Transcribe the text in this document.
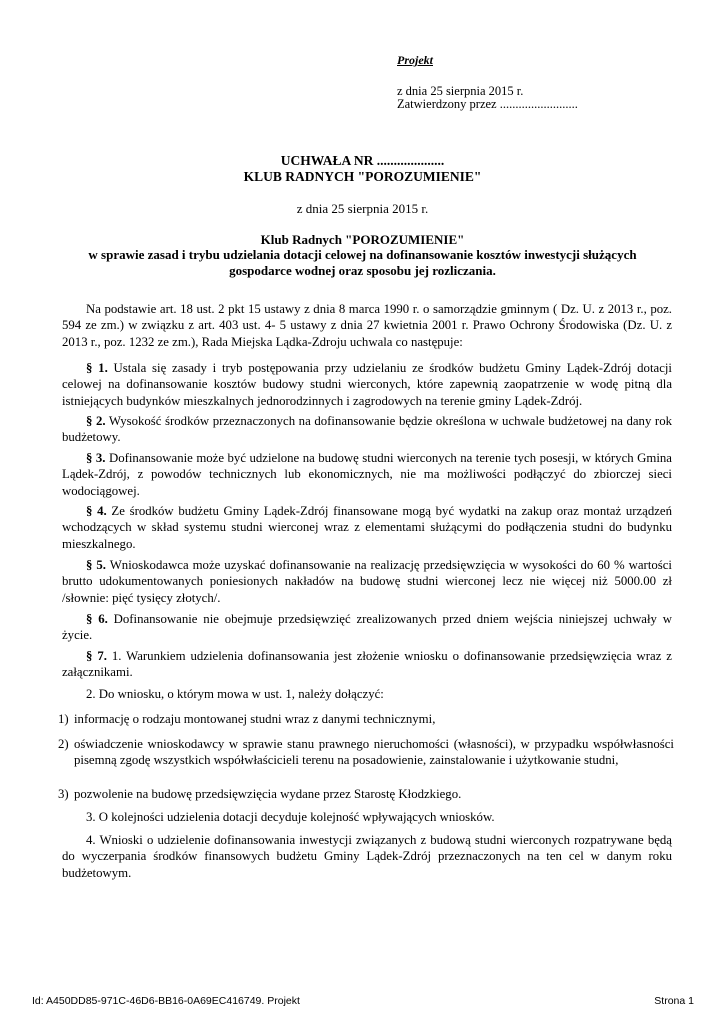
Projekt
z dnia 25 sierpnia 2015 r.
Zatwierdzony przez .........................
UCHWAŁA NR ....................
KLUB RADNYCH "POROZUMIENIE"
z dnia 25 sierpnia 2015 r.
Klub Radnych "POROZUMIENIE"
w sprawie zasad i trybu udzielania dotacji celowej na dofinansowanie kosztów inwestycji służących
gospodarce wodnej oraz sposobu jej rozliczania.
Na podstawie art. 18 ust. 2 pkt 15 ustawy z dnia 8 marca 1990 r. o samorządzie gminnym ( Dz. U. z 2013 r., poz. 594 ze zm.) w związku z art. 403 ust. 4- 5 ustawy z dnia 27 kwietnia 2001 r. Prawo Ochrony Środowiska (Dz. U. z 2013 r., poz. 1232 ze zm.), Rada Miejska Lądka-Zdroju uchwala co następuje:
§ 1. Ustala się zasady i tryb postępowania przy udzielaniu ze środków budżetu Gminy Lądek-Zdrój dotacji celowej na dofinansowanie kosztów budowy studni wierconych, które zapewnią zaopatrzenie w wodę pitną dla istniejących budynków mieszkalnych jednorodzinnych i zagrodowych na terenie gminy Lądek-Zdrój.
§ 2. Wysokość środków przeznaczonych na dofinansowanie będzie określona w uchwale budżetowej na dany rok budżetowy.
§ 3. Dofinansowanie może być udzielone na budowę studni wierconych na terenie tych posesji, w których Gmina Lądek-Zdrój, z powodów technicznych lub ekonomicznych, nie ma możliwości podłączyć do zbiorczej sieci wodociągowej.
§ 4. Ze środków budżetu Gminy Lądek-Zdrój finansowane mogą być wydatki na zakup oraz montaż urządzeń wchodzących w skład systemu studni wierconej wraz z elementami służącymi do podłączenia studni do budynku mieszkalnego.
§ 5. Wnioskodawca może uzyskać dofinansowanie na realizację przedsięwzięcia w wysokości do 60 % wartości brutto udokumentowanych poniesionych nakładów na budowę studni wierconej lecz nie więcej niż 5000.00 zł /słownie: pięć tysięcy złotych/.
§ 6. Dofinansowanie nie obejmuje przedsięwzięć zrealizowanych przed dniem wejścia niniejszej uchwały w życie.
§ 7. 1. Warunkiem udzielenia dofinansowania jest złożenie wniosku o dofinansowanie przedsięwzięcia wraz z załącznikami.
2. Do wniosku, o którym mowa w ust. 1, należy dołączyć:
1) informację o rodzaju montowanej studni wraz z danymi technicznymi,
2) oświadczenie wnioskodawcy w sprawie stanu prawnego nieruchomości (własności), w przypadku współwłasności pisemną zgodę wszystkich współwłaścicieli terenu na posadowienie, zainstalowanie i użytkowanie studni,
3) pozwolenie na budowę przedsięwzięcia wydane przez Starostę Kłodzkiego.
3. O kolejności udzielenia dotacji decyduje kolejność wpływających wniosków.
4. Wnioski o udzielenie dofinansowania inwestycji związanych z budową studni wierconych rozpatrywane będą do wyczerpania środków finansowych budżetu Gminy Lądek-Zdrój przeznaczonych na ten cel w danym roku budżetowym.
Id: A450DD85-971C-46D6-BB16-0A69EC416749. Projekt	Strona 1
